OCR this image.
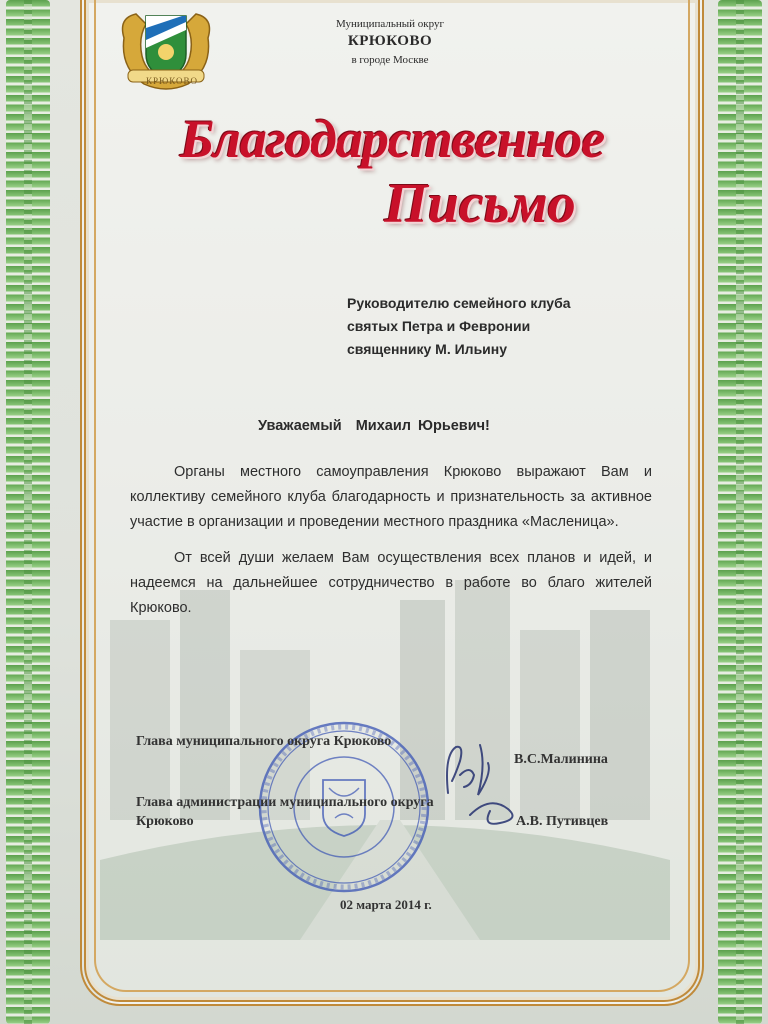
КРЮКОВО
Муниципальный округ
КРЮКОВО
в городе Москве
Благодарственное
Письмо
Руководителю семейного клуба
святых Петра и Февронии
священнику М. Ильину
Уважаемый  Михаил Юрьевич!

Органы местного самоуправления Крюково выражают Вам и коллективу семейного клуба благодарность и признательность за активное участие в организации и проведении местного праздника «Масленица».

От всей души желаем Вам осуществления всех планов и идей, и надеемся на дальнейшее сотрудничество в работе во благо жителей Крюково.

Глава муниципального округа Крюково
В.С.Малинина
Глава администрации муниципального округа Крюково	А.В. Путивцев
02 марта 2014 г.
